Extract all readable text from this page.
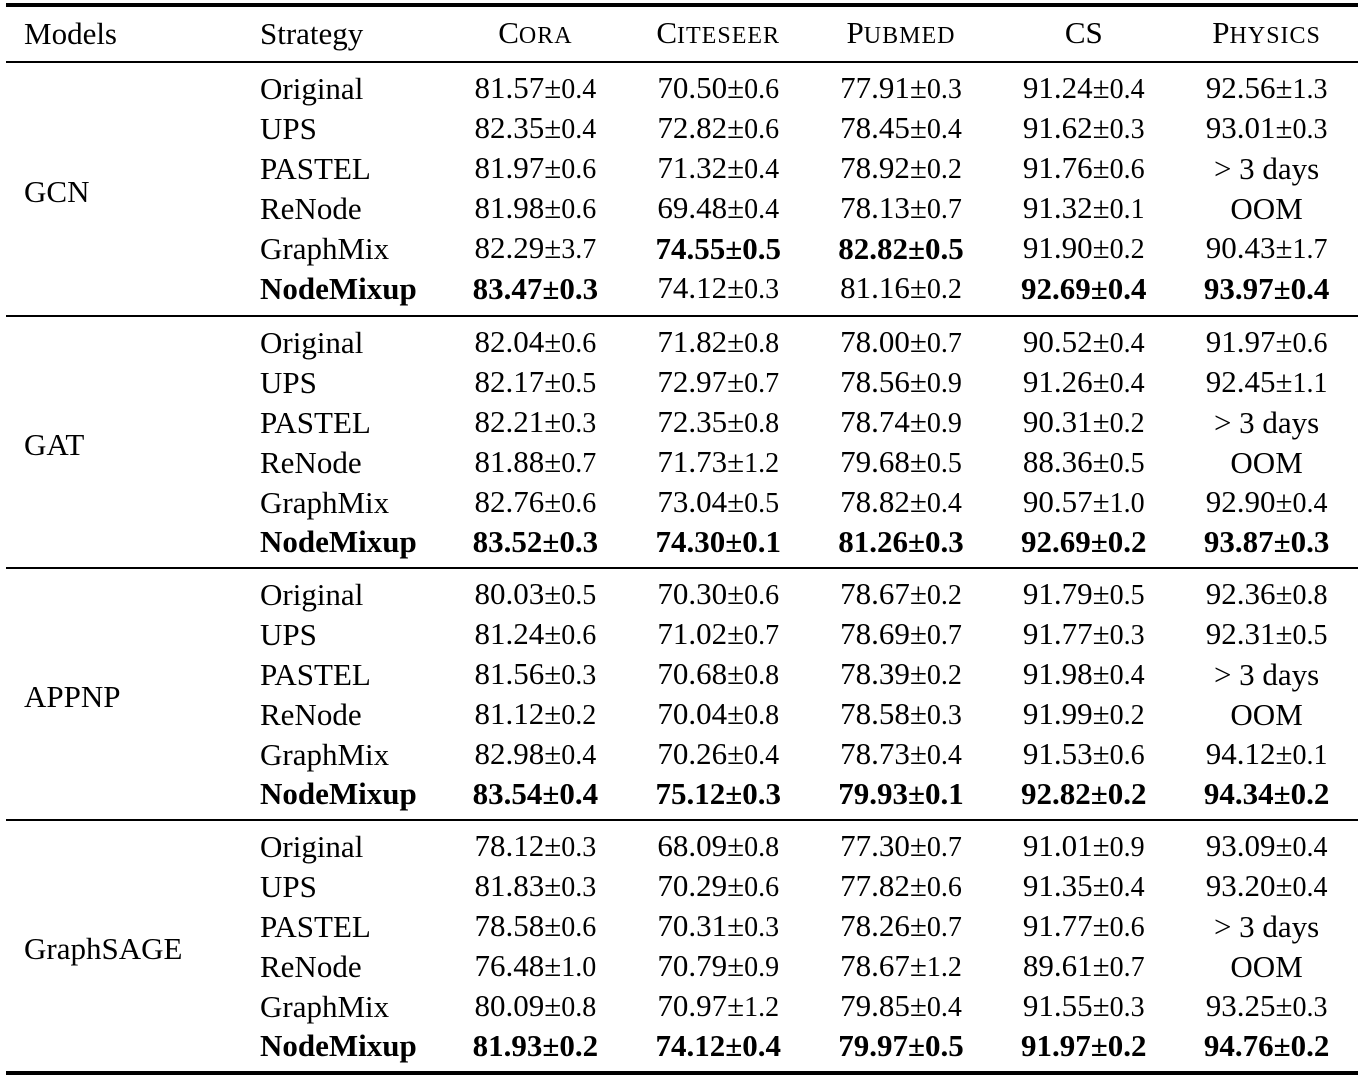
Models	Strategy	CORA	CITESEER	PUBMED	CS	PHYSICS
GCN	Original	81.57±0.4	70.50±0.6	77.91±0.3	91.24±0.4	92.56±1.3
	UPS	82.35±0.4	72.82±0.6	78.45±0.4	91.62±0.3	93.01±0.3
	PASTEL	81.97±0.6	71.32±0.4	78.92±0.2	91.76±0.6	> 3 days
	ReNode	81.98±0.6	69.48±0.4	78.13±0.7	91.32±0.1	OOM
	GraphMix	82.29±3.7	74.55±0.5	82.82±0.5	91.90±0.2	90.43±1.7
	NodeMixup	83.47±0.3	74.12±0.3	81.16±0.2	92.69±0.4	93.97±0.4
GAT	Original	82.04±0.6	71.82±0.8	78.00±0.7	90.52±0.4	91.97±0.6
	UPS	82.17±0.5	72.97±0.7	78.56±0.9	91.26±0.4	92.45±1.1
	PASTEL	82.21±0.3	72.35±0.8	78.74±0.9	90.31±0.2	> 3 days
	ReNode	81.88±0.7	71.73±1.2	79.68±0.5	88.36±0.5	OOM
	GraphMix	82.76±0.6	73.04±0.5	78.82±0.4	90.57±1.0	92.90±0.4
	NodeMixup	83.52±0.3	74.30±0.1	81.26±0.3	92.69±0.2	93.87±0.3
APPNP	Original	80.03±0.5	70.30±0.6	78.67±0.2	91.79±0.5	92.36±0.8
	UPS	81.24±0.6	71.02±0.7	78.69±0.7	91.77±0.3	92.31±0.5
	PASTEL	81.56±0.3	70.68±0.8	78.39±0.2	91.98±0.4	> 3 days
	ReNode	81.12±0.2	70.04±0.8	78.58±0.3	91.99±0.2	OOM
	GraphMix	82.98±0.4	70.26±0.4	78.73±0.4	91.53±0.6	94.12±0.1
	NodeMixup	83.54±0.4	75.12±0.3	79.93±0.1	92.82±0.2	94.34±0.2
GraphSAGE	Original	78.12±0.3	68.09±0.8	77.30±0.7	91.01±0.9	93.09±0.4
	UPS	81.83±0.3	70.29±0.6	77.82±0.6	91.35±0.4	93.20±0.4
	PASTEL	78.58±0.6	70.31±0.3	78.26±0.7	91.77±0.6	> 3 days
	ReNode	76.48±1.0	70.79±0.9	78.67±1.2	89.61±0.7	OOM
	GraphMix	80.09±0.8	70.97±1.2	79.85±0.4	91.55±0.3	93.25±0.3
	NodeMixup	81.93±0.2	74.12±0.4	79.97±0.5	91.97±0.2	94.76±0.2
